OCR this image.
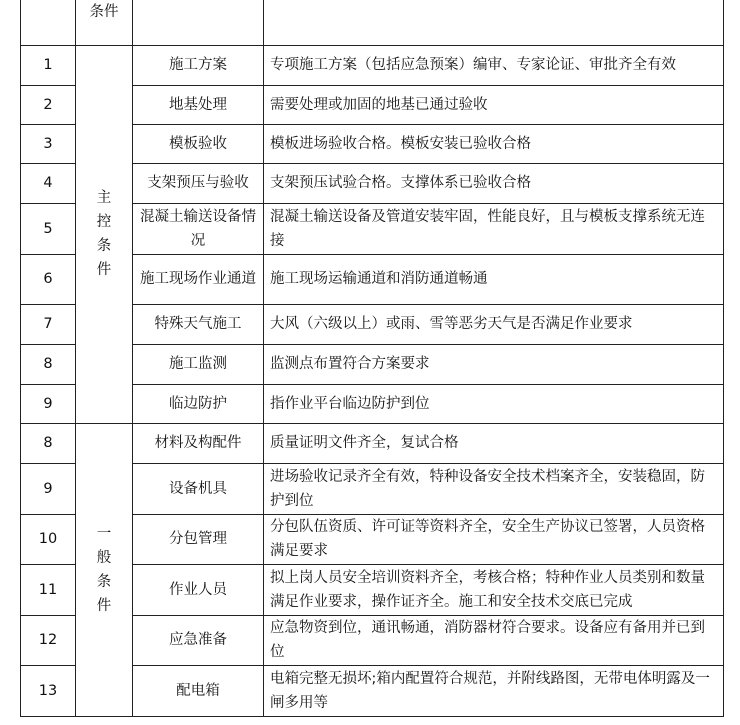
	条件		
1	主控条件	施工方案	专项施工方案（包括应急预案）编审、专家论证、审批齐全有效
2		地基处理	需要处理或加固的地基已通过验收
3		模板验收	模板进场验收合格。模板安装已验收合格
4		支架预压与验收	支架预压试验合格。支撑体系已验收合格
5		混凝土输送设备情况	混凝土输送设备及管道安装牢固，性能良好，且与模板支撑系统无连接
6		施工现场作业通道	施工现场运输通道和消防通道畅通
7		特殊天气施工	大风（六级以上）或雨、雪等恶劣天气是否满足作业要求
8		施工监测	监测点布置符合方案要求
9		临边防护	指作业平台临边防护到位
8	一般条件	材料及构配件	质量证明文件齐全，复试合格
9		设备机具	进场验收记录齐全有效，特种设备安全技术档案齐全，安装稳固，防护到位
10		分包管理	分包队伍资质、许可证等资料齐全，安全生产协议已签署，人员资格满足要求
11		作业人员	拟上岗人员安全培训资料齐全，考核合格；特种作业人员类别和数量满足作业要求，操作证齐全。施工和安全技术交底已完成
12		应急准备	应急物资到位，通讯畅通，消防器材符合要求。设备应有备用并已到位
13		配电箱	电箱完整无损坏;箱内配置符合规范，并附线路图，无带电体明露及一闸多用等
